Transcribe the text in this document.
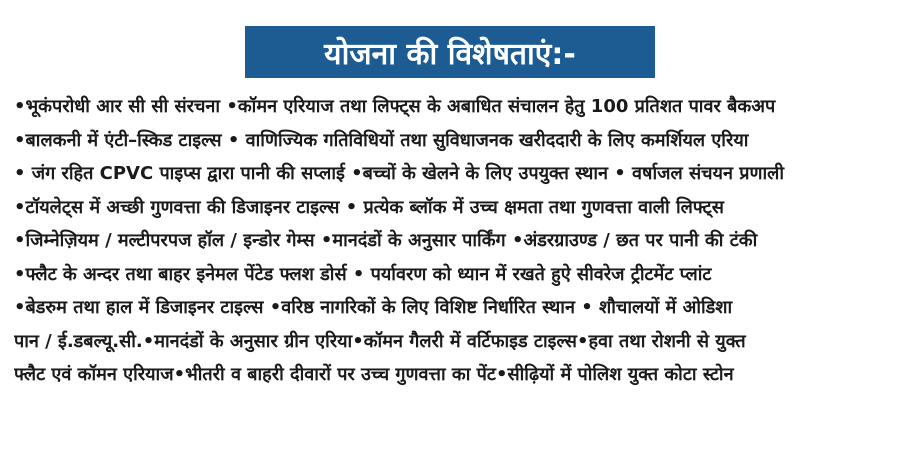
योजना की विशेषताएं:-
•भूकंपरोधी आर सी सी संरचना •कॉमन एरियाज तथा लिफ्ट्स के अबाधित संचालन हेतु 100 प्रतिशत पावर बैकअप
•बालकनी में एंटी–स्किड टाइल्स • वाणिज्यिक गतिविधियों तथा सुविधाजनक खरीददारी के लिए कमर्शियल एरिया
• जंग रहित CPVC पाइप्स द्वारा पानी की सप्लाई •बच्चों के खेलने के लिए उपयुक्त स्थान • वर्षाजल संचयन प्रणाली
•टॉयलेट्स में अच्छी गुणवत्ता की डिजाइनर टाइल्स • प्रत्येक ब्लॉक में उच्च क्षमता तथा गुणवत्ता वाली लिफ्ट्स
•जिम्नेज़ियम / मल्टीपरपज हॉल / इन्डोर गेम्स •मानदंडों के अनुसार पार्किंग •अंडरग्राउण्ड / छत पर पानी की टंकी
•फ्लैट के अन्दर तथा बाहर इनेमल पेंटेड फ्लश डोर्स • पर्यावरण को ध्यान में रखते हुऐ सीवरेज ट्रीटमेंट प्लांट
•बेडरुम तथा हाल में डिजाइनर टाइल्स •वरिष्ठ नागरिकों के लिए विशिष्ट निर्धारित स्थान • शौचालयों में ओडिशा
पान / ई.डबल्यू.सी.•मानदंडों के अनुसार ग्रीन एरिया•कॉमन गैलरी में वर्टिफाइड टाइल्स•हवा तथा रोशनी से युक्त
फ्लैट एवं कॉमन एरियाज•भीतरी व बाहरी दीवारों पर उच्च गुणवत्ता का पेंट•सीढ़ियों में पोलिश युक्त कोटा स्टोन
